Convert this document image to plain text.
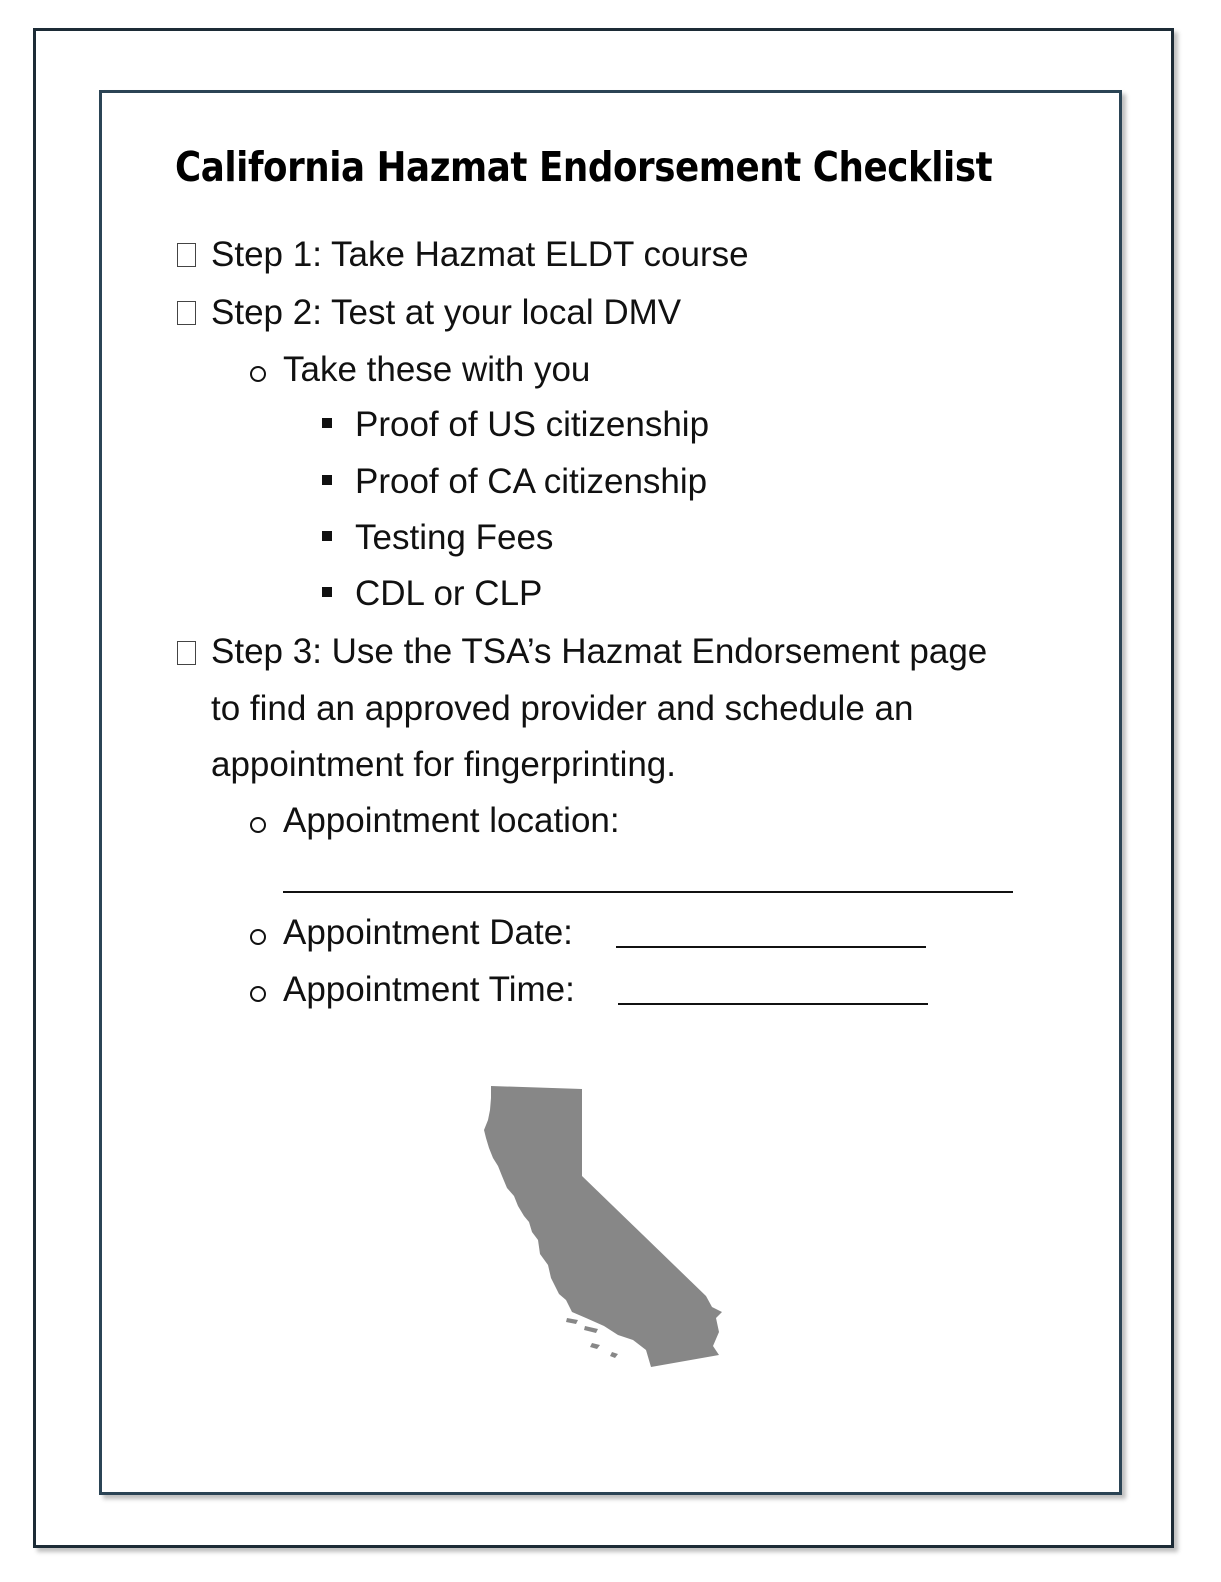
California Hazmat Endorsement Checklist
Step 1: Take Hazmat ELDT course
Step 2: Test at your local DMV
Take these with you
Proof of US citizenship
Proof of CA citizenship
Testing Fees
CDL or CLP
Step 3: Use the TSA’s Hazmat Endorsement page
to find an approved provider and schedule an
appointment for fingerprinting.
Appointment location:
Appointment Date:
Appointment Time:
